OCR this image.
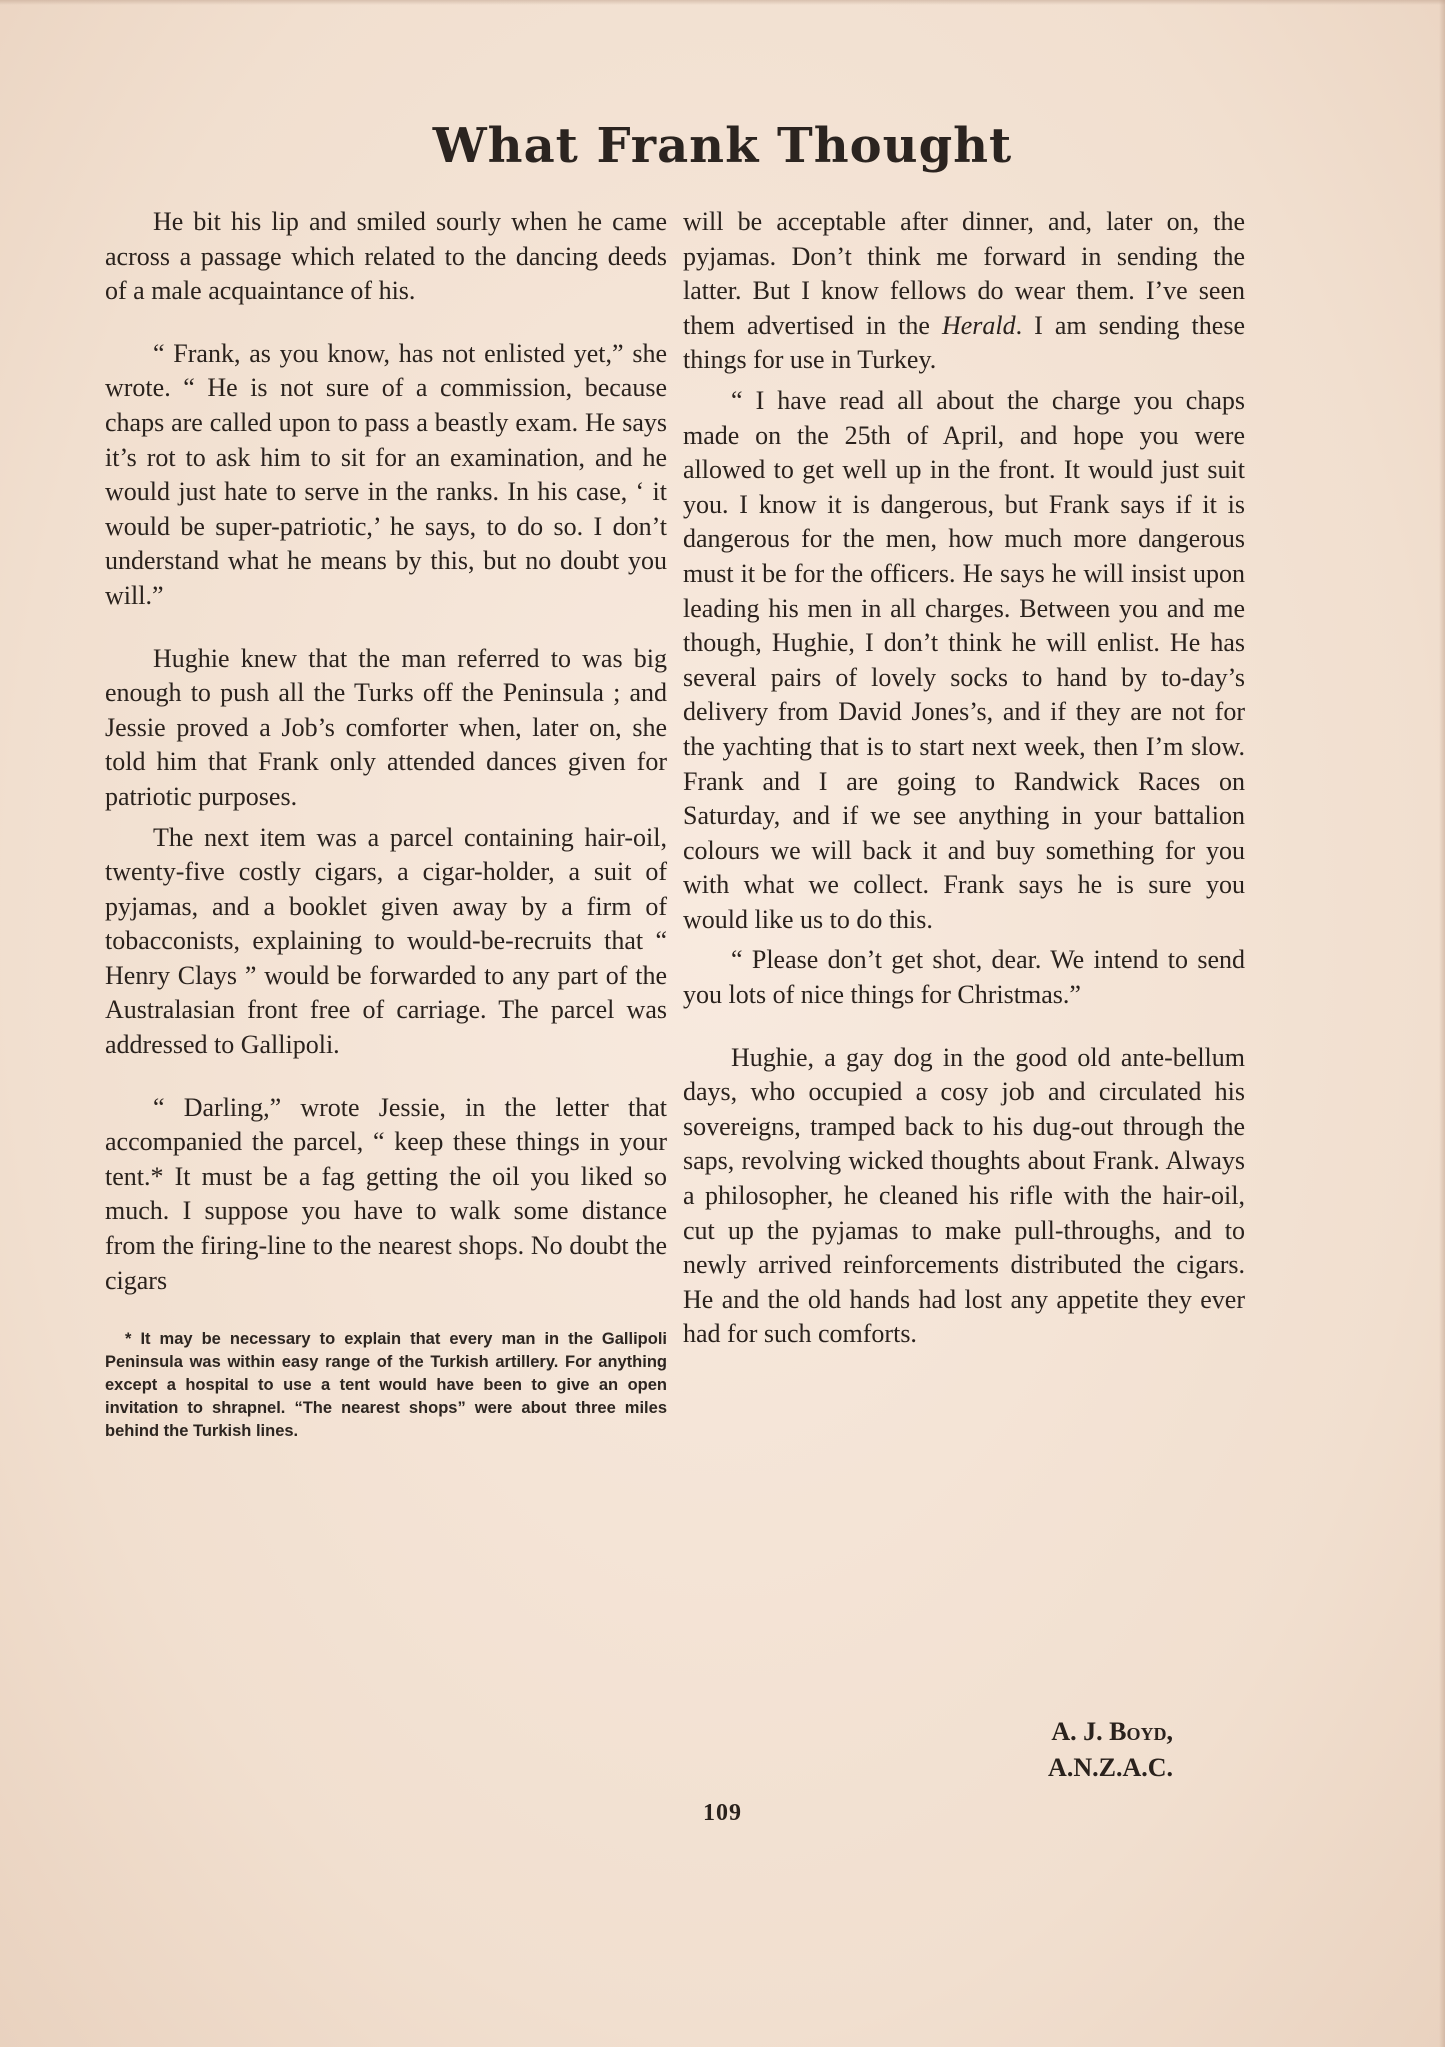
What Frank Thought

He bit his lip and smiled sourly when he came across a passage which related to the dancing deeds of a male acquaintance of his.

“ Frank, as you know, has not enlisted yet,” she wrote. “ He is not sure of a commission, because chaps are called upon to pass a beastly exam. He says it’s rot to ask him to sit for an examination, and he would just hate to serve in the ranks. In his case, ‘ it would be super-patriotic,’ he says, to do so. I don’t understand what he means by this, but no doubt you will.”

Hughie knew that the man referred to was big enough to push all the Turks off the Peninsula ; and Jessie proved a Job’s comforter when, later on, she told him that Frank only attended dances given for patriotic purposes.

The next item was a parcel containing hair-oil, twenty-five costly cigars, a cigar-holder, a suit of pyjamas, and a booklet given away by a firm of tobacconists, explaining to would-be-recruits that “ Henry Clays ” would be forwarded to any part of the Australasian front free of carriage. The parcel was addressed to Gallipoli.

“ Darling,” wrote Jessie, in the letter that accompanied the parcel, “ keep these things in your tent.* It must be a fag getting the oil you liked so much. I suppose you have to walk some distance from the firing-line to the nearest shops. No doubt the cigars

* It may be necessary to explain that every man in the Gallipoli Peninsula was within easy range of the Turkish artillery. For anything except a hospital to use a tent would have been to give an open invitation to shrapnel. “The nearest shops” were about three miles behind the Turkish lines.

will be acceptable after dinner, and, later on, the pyjamas. Don’t think me forward in sending the latter. But I know fellows do wear them. I’ve seen them advertised in the Herald. I am sending these things for use in Turkey.

“ I have read all about the charge you chaps made on the 25th of April, and hope you were allowed to get well up in the front. It would just suit you. I know it is dangerous, but Frank says if it is dangerous for the men, how much more dangerous must it be for the officers. He says he will insist upon leading his men in all charges. Between you and me though, Hughie, I don’t think he will enlist. He has several pairs of lovely socks to hand by to-day’s delivery from David Jones’s, and if they are not for the yachting that is to start next week, then I’m slow. Frank and I are going to Randwick Races on Saturday, and if we see anything in your battalion colours we will back it and buy something for you with what we collect. Frank says he is sure you would like us to do this.

“ Please don’t get shot, dear. We intend to send you lots of nice things for Christmas.”

Hughie, a gay dog in the good old ante-bellum days, who occupied a cosy job and circulated his sovereigns, tramped back to his dug-out through the saps, revolving wicked thoughts about Frank. Always a philosopher, he cleaned his rifle with the hair-oil, cut up the pyjamas to make pull-throughs, and to newly arrived reinforcements distributed the cigars. He and the old hands had lost any appetite they ever had for such comforts.

A. J. Boyd,
A.N.Z.A.C.
109
